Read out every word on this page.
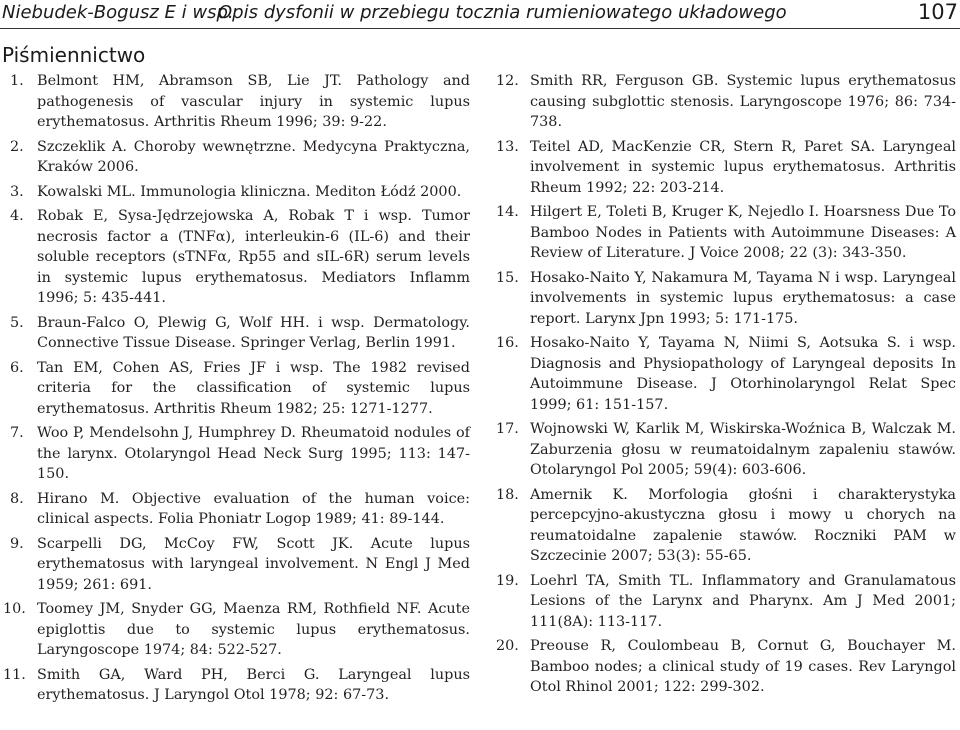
Niebudek-Bogusz E i wsp.
Opis dysfonii w przebiegu tocznia rumieniowatego układowego	107
Piśmiennictwo
1. Belmont HM, Abramson SB, Lie JT. Pathology and pathogenesis of vascular injury in systemic lupus erythematosus. Arthritis Rheum 1996; 39: 9-22.
2. Szczeklik A. Choroby wewnętrzne. Medycyna Praktyczna, Kraków 2006.
3. Kowalski ML. Immunologia kliniczna. Mediton Łódź 2000.
4. Robak E, Sysa-Jędrzejowska A, Robak T i wsp. Tumor necrosis factor a (TNFα), interleukin-6 (IL-6) and their soluble receptors (sTNFα, Rp55 and sIL-6R) serum levels in systemic lupus erythematosus. Mediators Inflamm 1996; 5: 435-441.
5. Braun-Falco O, Plewig G, Wolf HH. i wsp. Dermatology. Connective Tissue Disease. Springer Verlag, Berlin 1991.
6. Tan EM, Cohen AS, Fries JF i wsp. The 1982 revised criteria for the classification of systemic lupus erythematosus. Arthritis Rheum 1982; 25: 1271-1277.
7. Woo P, Mendelsohn J, Humphrey D. Rheumatoid nodules of the larynx. Otolaryngol Head Neck Surg 1995; 113: 147-150.
8. Hirano M. Objective evaluation of the human voice: clinical aspects. Folia Phoniatr Logop 1989; 41: 89-144.
9. Scarpelli DG, McCoy FW, Scott JK. Acute lupus erythematosus with laryngeal involvement. N Engl J Med 1959; 261: 691.
10. Toomey JM, Snyder GG, Maenza RM, Rothfield NF. Acute epiglottis due to systemic lupus erythematosus. Laryngoscope 1974; 84: 522-527.
11. Smith GA, Ward PH, Berci G. Laryngeal lupus erythematosus. J Laryngol Otol 1978; 92: 67-73.
12. Smith RR, Ferguson GB. Systemic lupus erythematosus causing subglottic stenosis. Laryngoscope 1976; 86: 734-738.
13. Teitel AD, MacKenzie CR, Stern R, Paret SA. Laryngeal involvement in systemic lupus erythematosus. Arthritis Rheum 1992; 22: 203-214.
14. Hilgert E, Toleti B, Kruger K, Nejedlo I. Hoarsness Due To Bamboo Nodes in Patients with Autoimmune Diseases: A Review of Literature. J Voice 2008; 22 (3): 343-350.
15. Hosako-Naito Y, Nakamura M, Tayama N i wsp. Laryngeal involvements in systemic lupus erythematosus: a case report. Larynx Jpn 1993; 5: 171-175.
16. Hosako-Naito Y, Tayama N, Niimi S, Aotsuka S. i wsp. Diagnosis and Physiopathology of Laryngeal deposits In Autoimmune Disease. J Otorhinolaryngol Relat Spec 1999; 61: 151-157.
17. Wojnowski W, Karlik M, Wiskirska-Woźnica B, Walczak M. Zaburzenia głosu w reumatoidalnym zapaleniu stawów. Otolaryngol Pol 2005; 59(4): 603-606.
18. Amernik K. Morfologia głośni i charakterystyka percepcyjno-akustyczna głosu i mowy u chorych na reumatoidalne zapalenie stawów. Roczniki PAM w Szczecinie 2007; 53(3): 55-65.
19. Loehrl TA, Smith TL. Inflammatory and Granulamatous Lesions of the Larynx and Pharynx. Am J Med 2001; 111(8A): 113-117.
20. Preouse R, Coulombeau B, Cornut G, Bouchayer M. Bamboo nodes; a clinical study of 19 cases. Rev Laryngol Otol Rhinol 2001; 122: 299-302.
